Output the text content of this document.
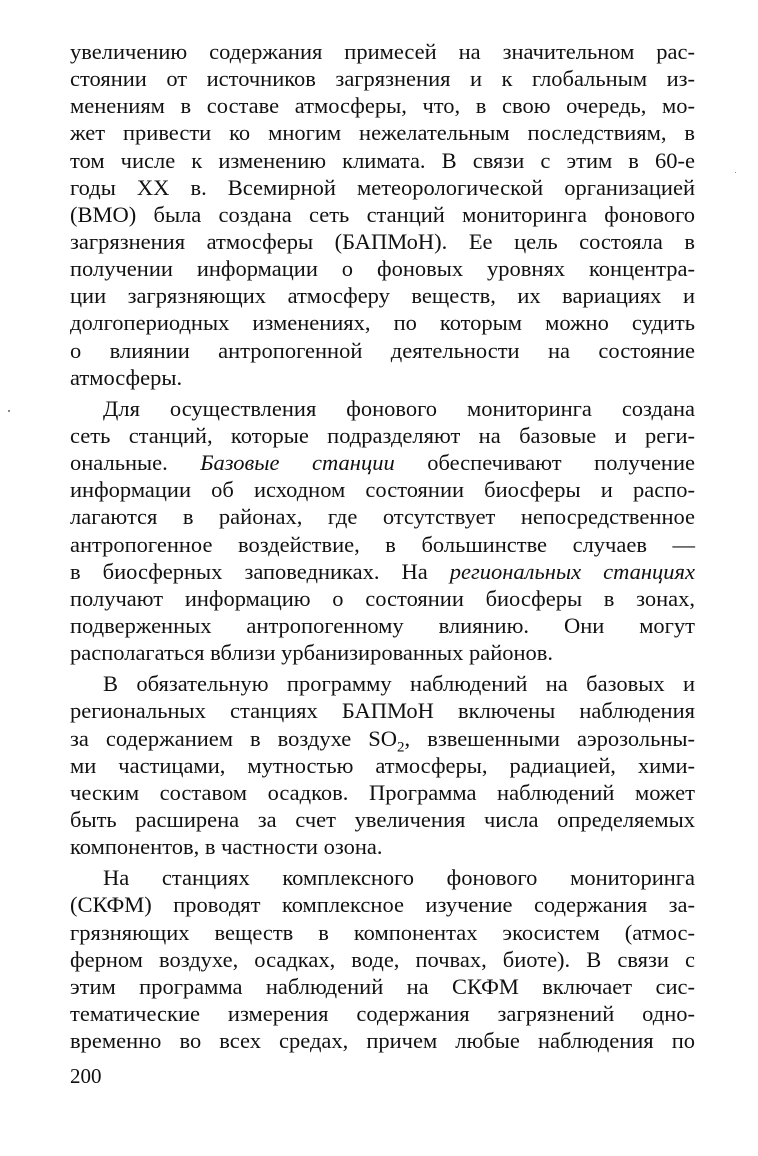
увеличению содержания примесей на значительном рас-
стоянии от источников загрязнения и к глобальным из-
менениям в составе атмосферы, что, в свою очередь, мо-
жет привести ко многим нежелательным последствиям, в
том числе к изменению климата. В связи с этим в 60-е
годы XX в. Всемирной метеорологической организацией
(ВМО) была создана сеть станций мониторинга фонового
загрязнения атмосферы (БАПМоН). Ее цель состояла в
получении информации о фоновых уровнях концентра-
ции загрязняющих атмосферу веществ, их вариациях и
долгопериодных изменениях, по которым можно судить
о влиянии антропогенной деятельности на состояние
атмосферы.
Для осуществления фонового мониторинга создана
сеть станций, которые подразделяют на базовые и реги-
ональные. Базовые станции обеспечивают получение
информации об исходном состоянии биосферы и распо-
лагаются в районах, где отсутствует непосредственное
антропогенное воздействие, в большинстве случаев —
в биосферных заповедниках. На региональных станциях
получают информацию о состоянии биосферы в зонах,
подверженных антропогенному влиянию. Они могут
располагаться вблизи урбанизированных районов.
В обязательную программу наблюдений на базовых и
региональных станциях БАПМоН включены наблюдения
за содержанием в воздухе $SO_2$, взвешенными аэрозольны-
ми частицами, мутностью атмосферы, радиацией, хими-
ческим составом осадков. Программа наблюдений может
быть расширена за счет увеличения числа определяемых
компонентов, в частности озона.
На станциях комплексного фонового мониторинга
(СКФМ) проводят комплексное изучение содержания за-
грязняющих веществ в компонентах экосистем (атмос-
ферном воздухе, осадках, воде, почвах, биоте). В связи с
этим программа наблюдений на СКФМ включает сис-
тематические измерения содержания загрязнений одно-
временно во всех средах, причем любые наблюдения по
200
